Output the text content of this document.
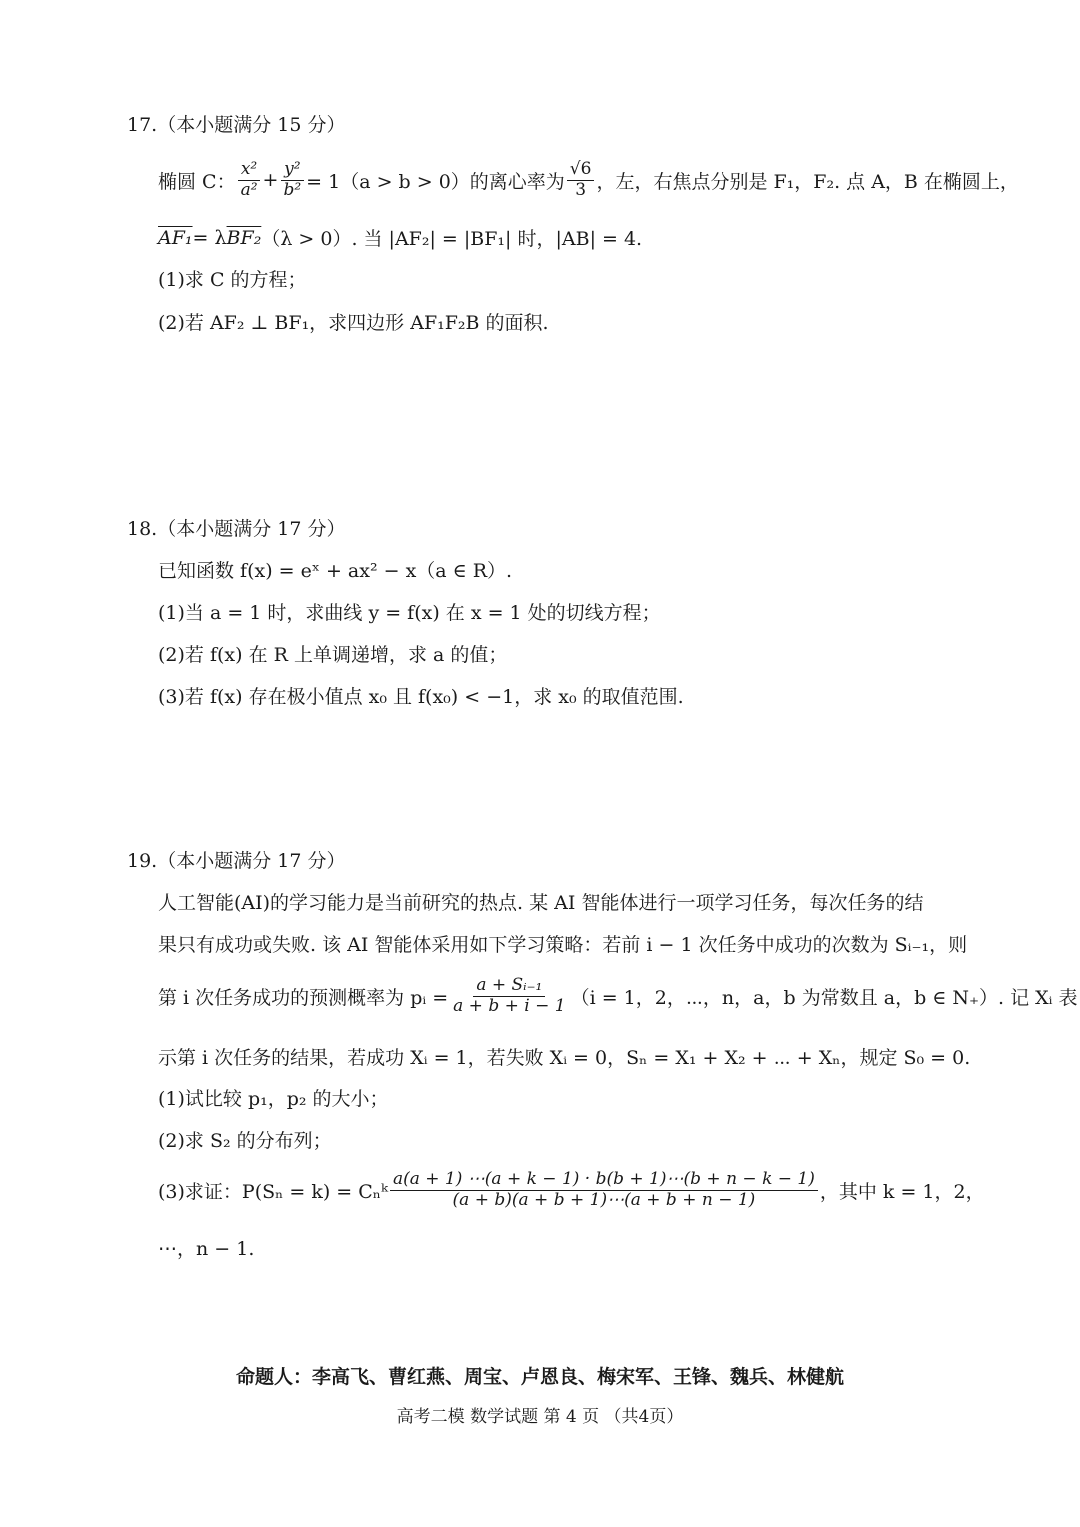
17.（本小题满分 15 分）
椭圆 C： $\frac{\text{x²}}{\text{a²}} + \frac{\text{y²}}{\text{b²}} = 1(a > b > 0)$的离心率为 $\frac{√6}{3}$ ，左，右焦点分别是 F₁，F₂. 点 A，B 在椭圆上，
AF₁ = λ BF₂ （λ > 0）. 当 |AF₂| = |BF₁| 时，|AB| = 4.
(1)求 C 的方程；
(2)若 AF₂ ⊥ BF₁，求四边形 AF₁F₂B 的面积.
18.（本小题满分 17 分）
已知函数 f(x) = eˣ + ax² − x（a ∈ R）.
(1)当 a = 1 时，求曲线 y = f(x) 在 x = 1 处的切线方程；
(2)若 f(x) 在 R 上单调递增，求 a 的值；
(3)若 f(x) 存在极小值点 x₀ 且 f(x₀) < −1，求 x₀ 的取值范围.
19.（本小题满分 17 分）
人工智能(AI)的学习能力是当前研究的热点. 某 AI 智能体进行一项学习任务，每次任务的结
果只有成功或失败. 该 AI 智能体采用如下学习策略：若前 i − 1 次任务中成功的次数为 Sᵢ₋₁，则
第 i 次任务成功的预测概率为 pᵢ = $\frac{\text{a + Sᵢ₋₁}}{a + b + i - 1} (i = 1$，2，⋯，n，a，b 为常数且 a，b ∈ N₊）. 记 Xᵢ 表
示第 i 次任务的结果，若成功 Xᵢ = 1，若失败 Xᵢ = 0，Sₙ = X₁ + X₂ + ⋯ + Xₙ，规定 S₀ = 0.
(1)试比较 p₁，p₂ 的大小；
(2)求 S₂ 的分布列；
(3)求证：P(Sₙ = k) = Cₙᵏ $\frac{a(a + 1) \cdots(a + k - 1) \cdot b(b + 1)\cdots(b + n - k - 1)}{(a + b)(a + b + 1)\cdots(a + b + n - 1)}$ ，其中 k = 1，2，
⋯，n − 1.
命题人：李高飞、曹红燕、周宝、卢恩良、梅宋军、王锋、魏兵、林健航
高考二模 数学试题 第 4 页 （共4页）
